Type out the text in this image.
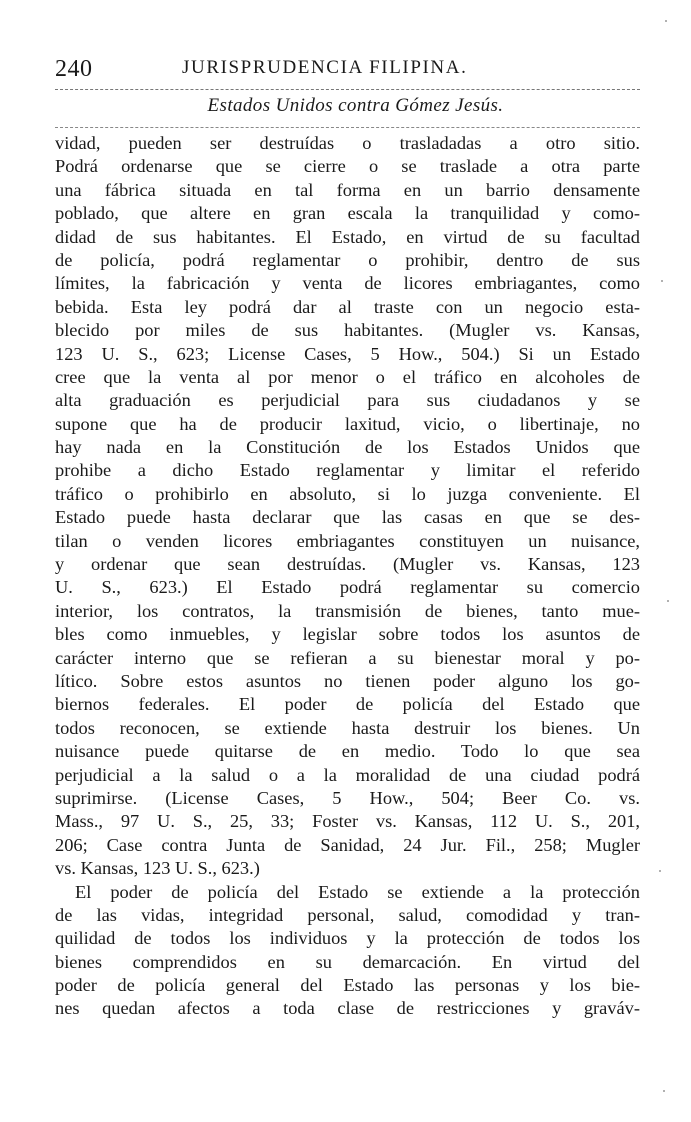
240	JURISPRUDENCIA FILIPINA.
Estados Unidos contra Gómez Jesús.
vidad, pueden ser destruídas o trasladadas a otro sitio.
Podrá ordenarse que se cierre o se traslade a otra parte
una fábrica situada en tal forma en un barrio densamente
poblado, que altere en gran escala la tranquilidad y como-
didad de sus habitantes. El Estado, en virtud de su facultad
de policía, podrá reglamentar o prohibir, dentro de sus
límites, la fabricación y venta de licores embriagantes, como
bebida. Esta ley podrá dar al traste con un negocio esta-
blecido por miles de sus habitantes. (Mugler vs. Kansas,
123 U. S., 623; License Cases, 5 How., 504.) Si un Estado
cree que la venta al por menor o el tráfico en alcoholes de
alta graduación es perjudicial para sus ciudadanos y se
supone que ha de producir laxitud, vicio, o libertinaje, no
hay nada en la Constitución de los Estados Unidos que
prohibe a dicho Estado reglamentar y limitar el referido
tráfico o prohibirlo en absoluto, si lo juzga conveniente. El
Estado puede hasta declarar que las casas en que se des-
tilan o venden licores embriagantes constituyen un nuisance,
y ordenar que sean destruídas. (Mugler vs. Kansas, 123
U. S., 623.) El Estado podrá reglamentar su comercio
interior, los contratos, la transmisión de bienes, tanto mue-
bles como inmuebles, y legislar sobre todos los asuntos de
carácter interno que se refieran a su bienestar moral y po-
lítico. Sobre estos asuntos no tienen poder alguno los go-
biernos federales. El poder de policía del Estado que
todos reconocen, se extiende hasta destruir los bienes. Un
nuisance puede quitarse de en medio. Todo lo que sea
perjudicial a la salud o a la moralidad de una ciudad podrá
suprimirse. (License Cases, 5 How., 504; Beer Co. vs.
Mass., 97 U. S., 25, 33; Foster vs. Kansas, 112 U. S., 201,
206; Case contra Junta de Sanidad, 24 Jur. Fil., 258; Mugler
vs. Kansas, 123 U. S., 623.)
El poder de policía del Estado se extiende a la protección
de las vidas, integridad personal, salud, comodidad y tran-
quilidad de todos los individuos y la protección de todos los
bienes comprendidos en su demarcación. En virtud del
poder de policía general del Estado las personas y los bie-
nes quedan afectos a toda clase de restricciones y graváv-
